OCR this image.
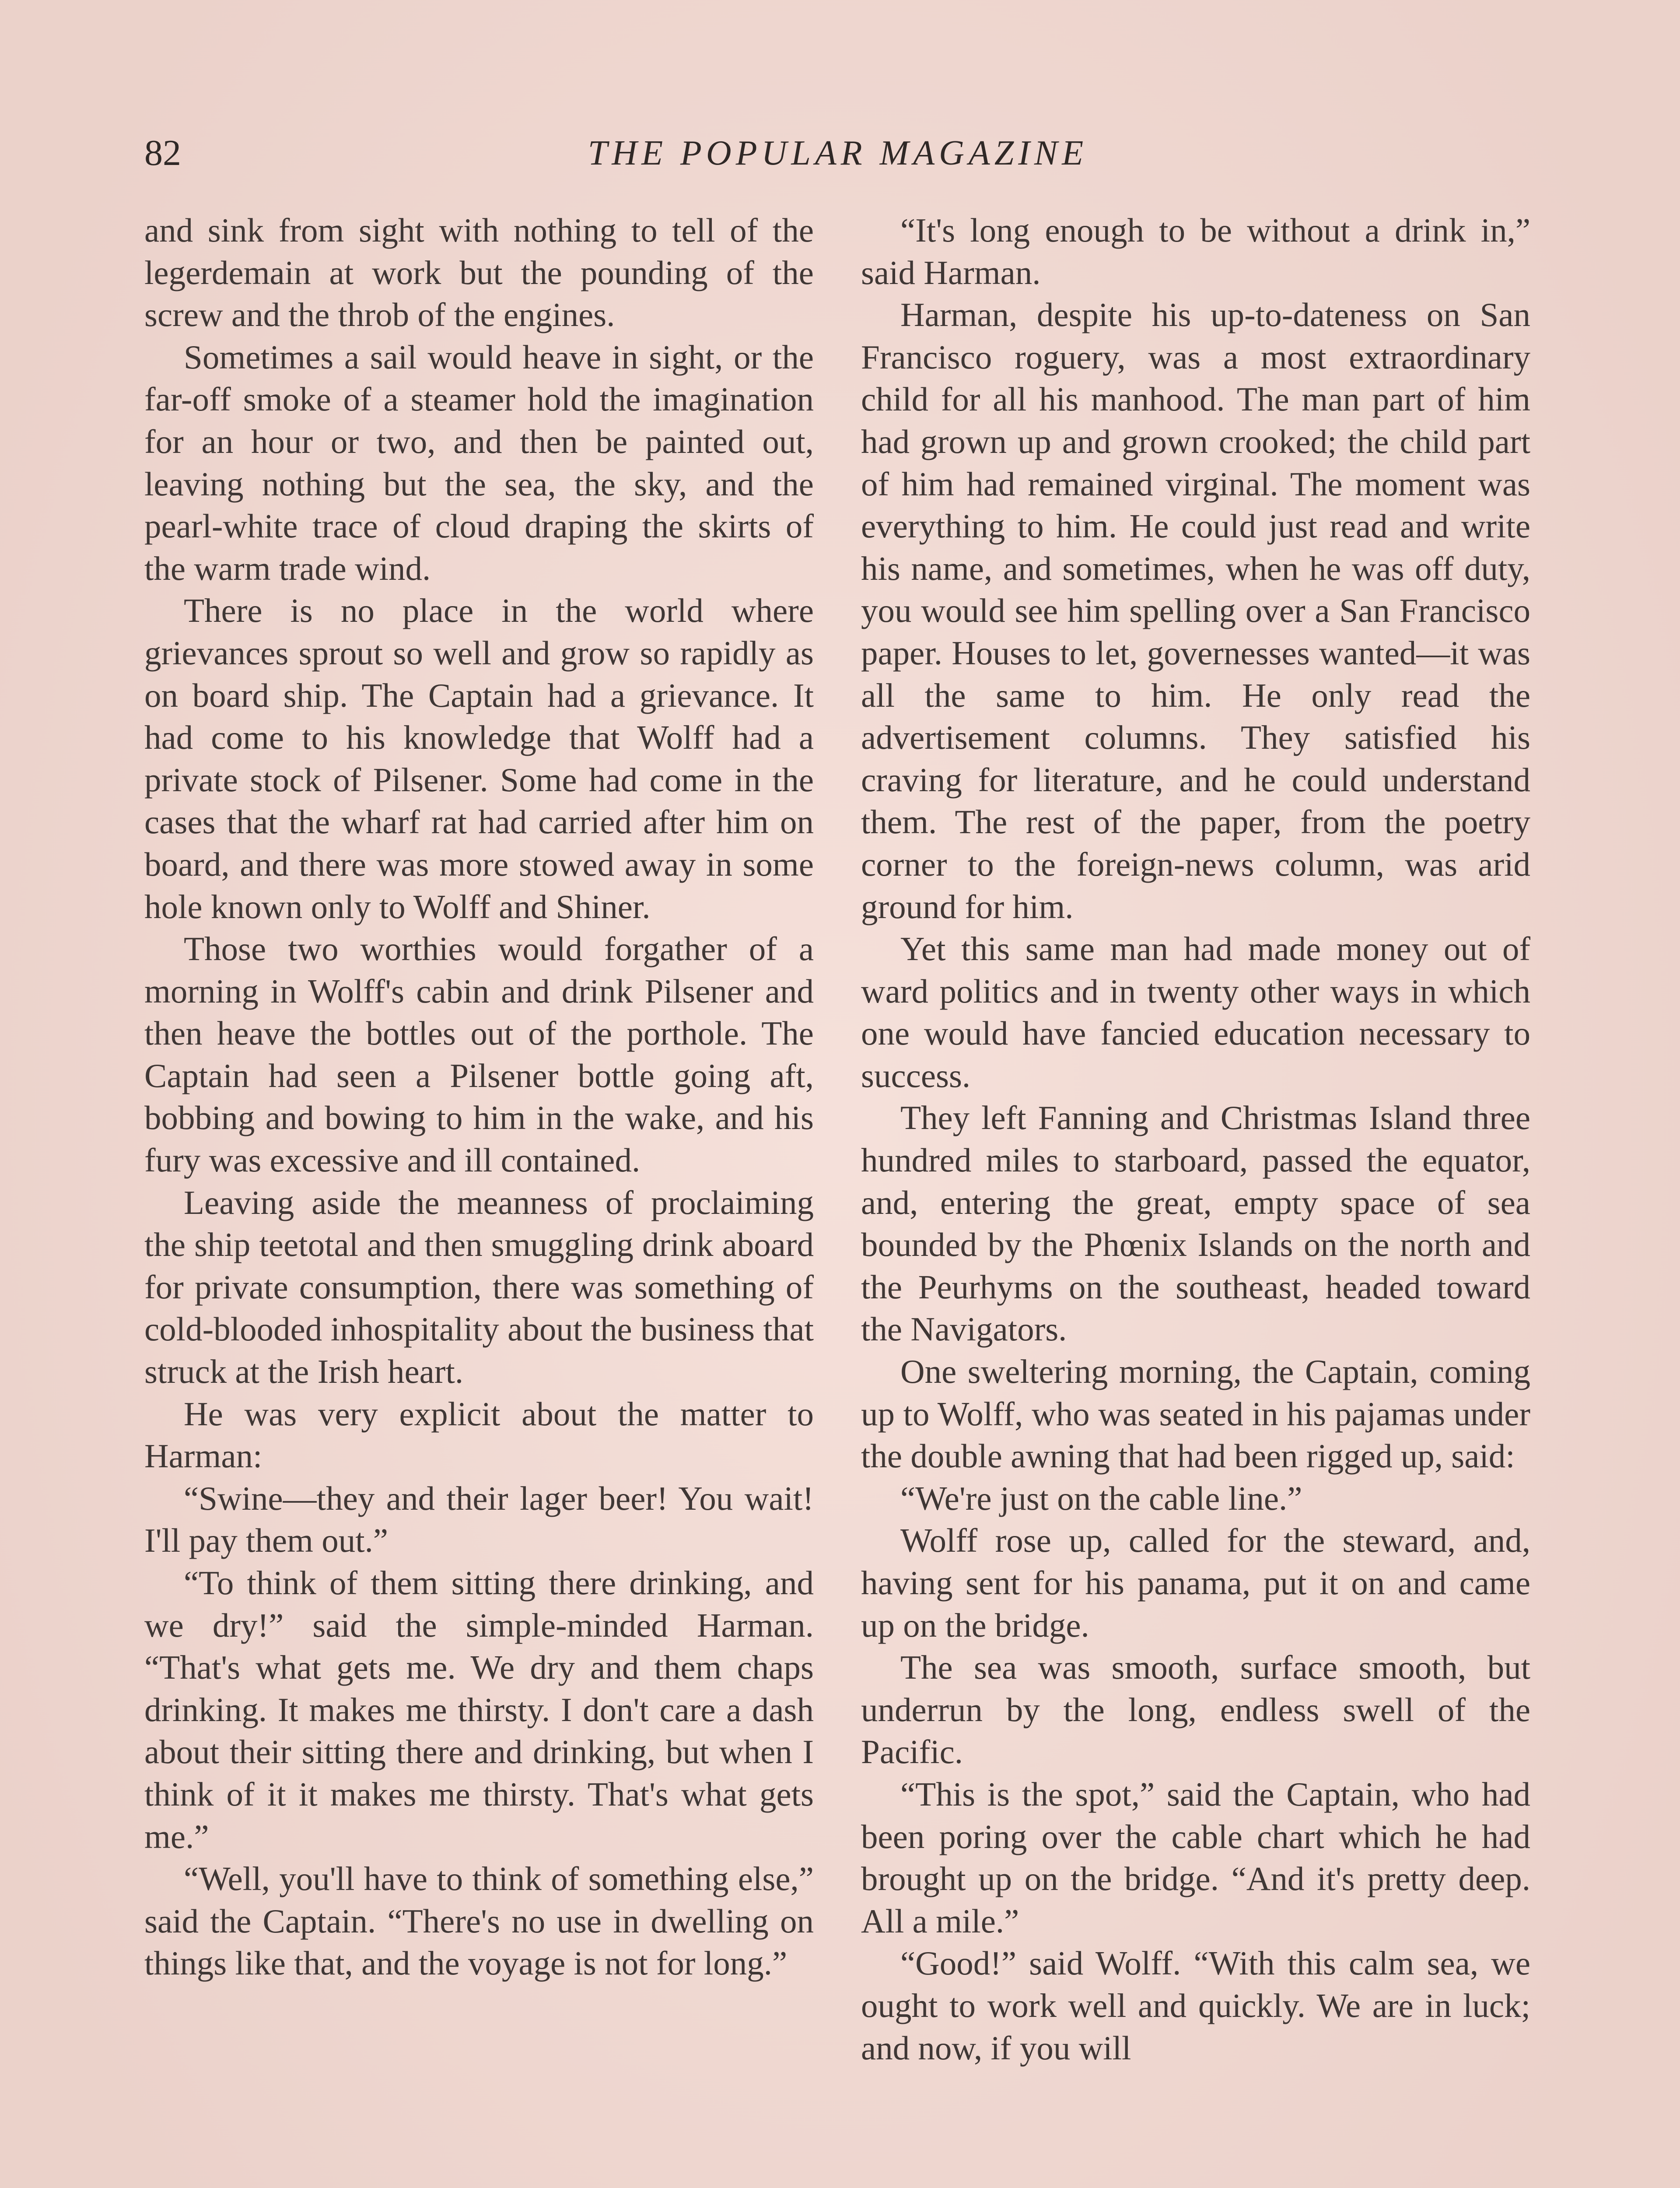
82	THE POPULAR MAGAZINE

and sink from sight with nothing to tell of the legerdemain at work but the pounding of the screw and the throb of the engines.

Sometimes a sail would heave in sight, or the far-off smoke of a steamer hold the imagination for an hour or two, and then be painted out, leaving nothing but the sea, the sky, and the pearl-white trace of cloud draping the skirts of the warm trade wind.

There is no place in the world where grievances sprout so well and grow so rapidly as on board ship. The Captain had a grievance. It had come to his knowledge that Wolff had a private stock of Pilsener. Some had come in the cases that the wharf rat had carried after him on board, and there was more stowed away in some hole known only to Wolff and Shiner.

Those two worthies would forgather of a morning in Wolff's cabin and drink Pilsener and then heave the bottles out of the porthole. The Captain had seen a Pilsener bottle going aft, bobbing and bowing to him in the wake, and his fury was excessive and ill contained.

Leaving aside the meanness of proclaiming the ship teetotal and then smuggling drink aboard for private consumption, there was something of cold-blooded inhospitality about the business that struck at the Irish heart.

He was very explicit about the matter to Harman:

“Swine—they and their lager beer! You wait! I'll pay them out.”

“To think of them sitting there drinking, and we dry!” said the simple-minded Harman. “That's what gets me. We dry and them chaps drinking. It makes me thirsty. I don't care a dash about their sitting there and drinking, but when I think of it it makes me thirsty. That's what gets me.”

“Well, you'll have to think of something else,” said the Captain. “There's no use in dwelling on things like that, and the voyage is not for long.”

“It's long enough to be without a drink in,” said Harman.

Harman, despite his up-to-dateness on San Francisco roguery, was a most extraordinary child for all his manhood. The man part of him had grown up and grown crooked; the child part of him had remained virginal. The moment was everything to him. He could just read and write his name, and sometimes, when he was off duty, you would see him spelling over a San Francisco paper. Houses to let, governesses wanted—it was all the same to him. He only read the advertisement columns. They satisfied his craving for literature, and he could understand them. The rest of the paper, from the poetry corner to the foreign-news column, was arid ground for him.

Yet this same man had made money out of ward politics and in twenty other ways in which one would have fancied education necessary to success.

They left Fanning and Christmas Island three hundred miles to starboard, passed the equator, and, entering the great, empty space of sea bounded by the Phœnix Islands on the north and the Peurhyms on the southeast, headed toward the Navigators.

One sweltering morning, the Captain, coming up to Wolff, who was seated in his pajamas under the double awning that had been rigged up, said:

“We're just on the cable line.”

Wolff rose up, called for the steward, and, having sent for his panama, put it on and came up on the bridge.

The sea was smooth, surface smooth, but underrun by the long, endless swell of the Pacific.

“This is the spot,” said the Captain, who had been poring over the cable chart which he had brought up on the bridge. “And it's pretty deep. All a mile.”

“Good!” said Wolff. “With this calm sea, we ought to work well and quickly. We are in luck; and now, if you will
